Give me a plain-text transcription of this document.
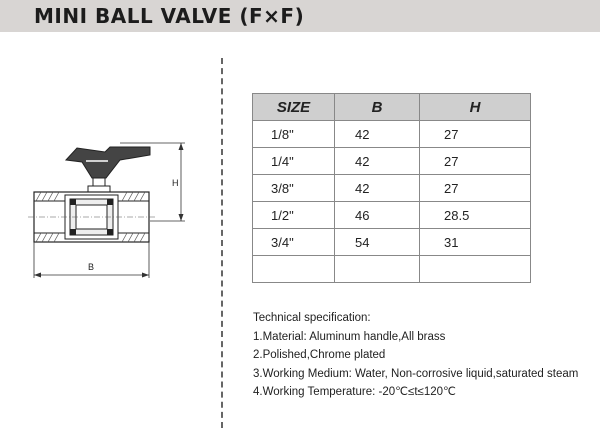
MINI BALL VALVE (F×F)
H
B
SIZE	B	H
1/8"	42	27
1/4"	42	27
3/8"	42	27
1/2"	46	28.5
3/4"	54	31

Technical specification:
1.Material: Aluminum handle,All brass
2.Polished,Chrome plated
3.Working Medium: Water, Non-corrosive liquid,saturated steam
4.Working Temperature: -20℃≤t≤120℃
